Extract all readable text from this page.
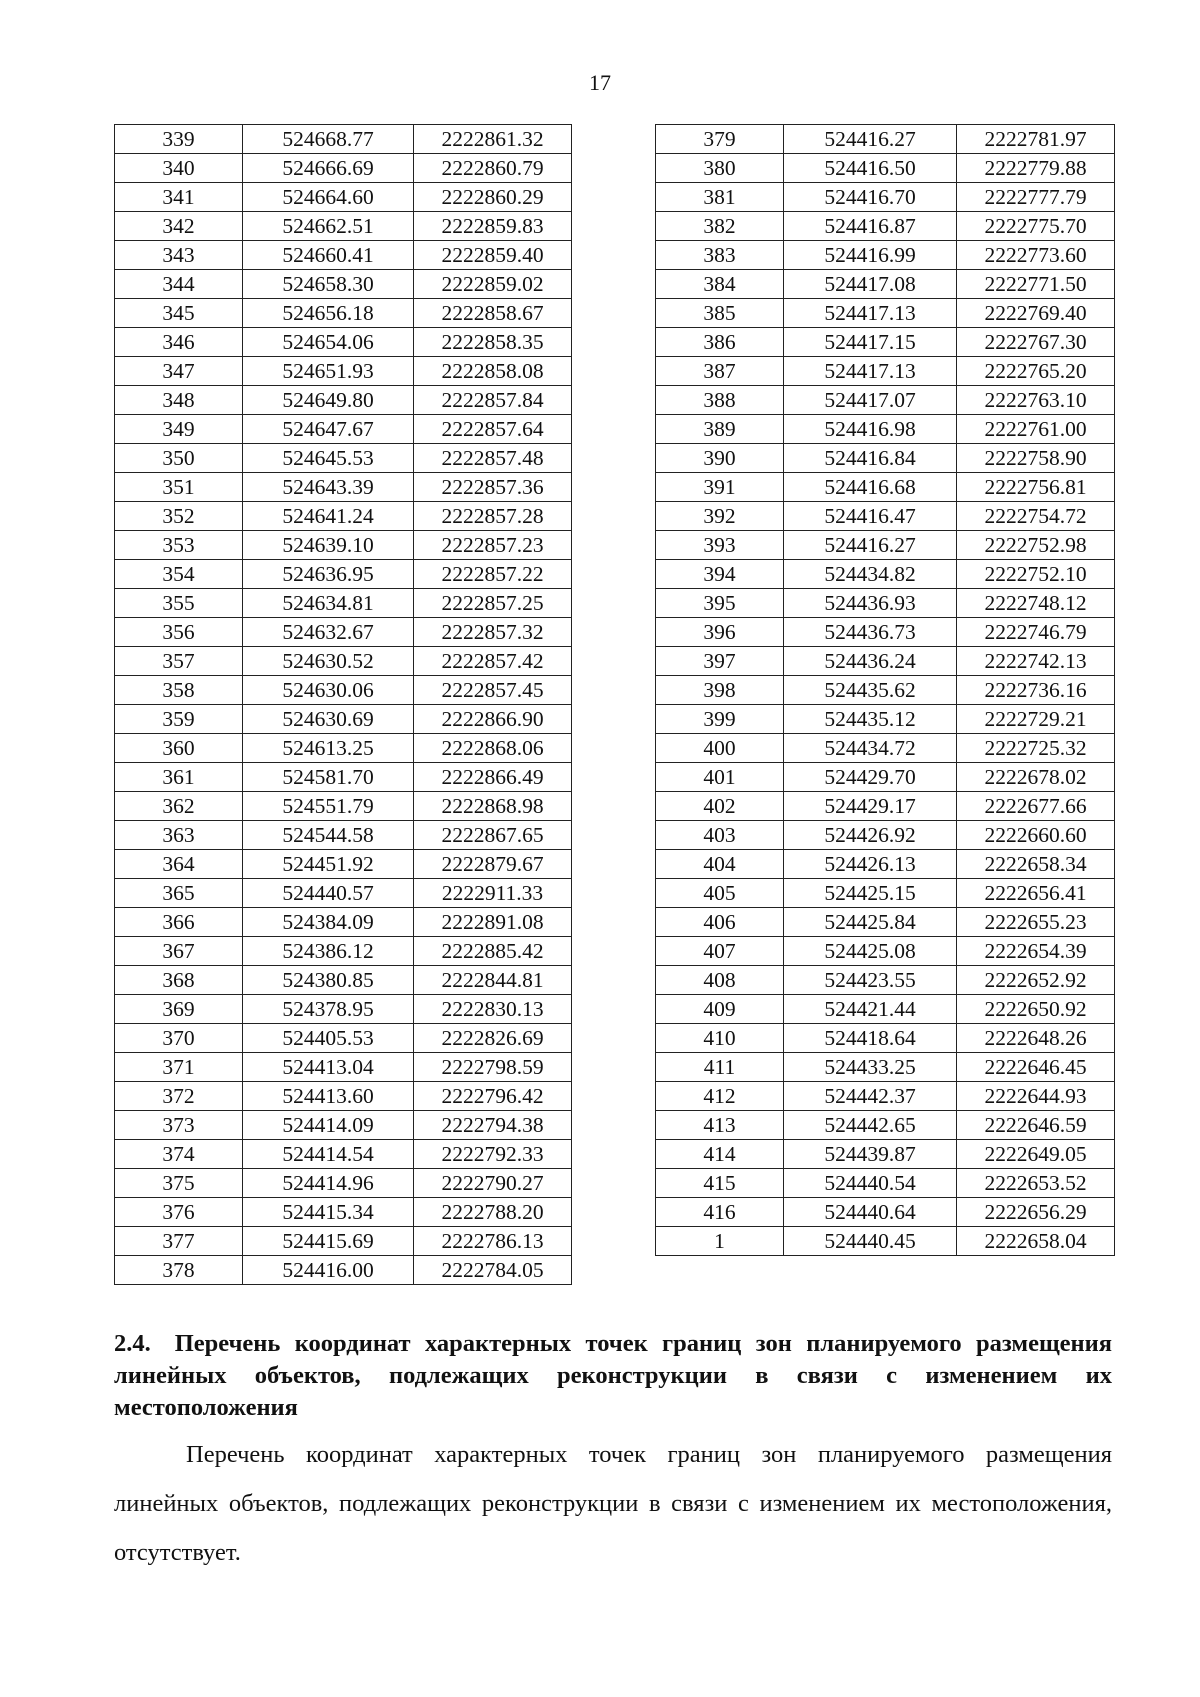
17
339	524668.77	2222861.32
340	524666.69	2222860.79
341	524664.60	2222860.29
342	524662.51	2222859.83
343	524660.41	2222859.40
344	524658.30	2222859.02
345	524656.18	2222858.67
346	524654.06	2222858.35
347	524651.93	2222858.08
348	524649.80	2222857.84
349	524647.67	2222857.64
350	524645.53	2222857.48
351	524643.39	2222857.36
352	524641.24	2222857.28
353	524639.10	2222857.23
354	524636.95	2222857.22
355	524634.81	2222857.25
356	524632.67	2222857.32
357	524630.52	2222857.42
358	524630.06	2222857.45
359	524630.69	2222866.90
360	524613.25	2222868.06
361	524581.70	2222866.49
362	524551.79	2222868.98
363	524544.58	2222867.65
364	524451.92	2222879.67
365	524440.57	2222911.33
366	524384.09	2222891.08
367	524386.12	2222885.42
368	524380.85	2222844.81
369	524378.95	2222830.13
370	524405.53	2222826.69
371	524413.04	2222798.59
372	524413.60	2222796.42
373	524414.09	2222794.38
374	524414.54	2222792.33
375	524414.96	2222790.27
376	524415.34	2222788.20
377	524415.69	2222786.13
378	524416.00	2222784.05
379	524416.27	2222781.97
380	524416.50	2222779.88
381	524416.70	2222777.79
382	524416.87	2222775.70
383	524416.99	2222773.60
384	524417.08	2222771.50
385	524417.13	2222769.40
386	524417.15	2222767.30
387	524417.13	2222765.20
388	524417.07	2222763.10
389	524416.98	2222761.00
390	524416.84	2222758.90
391	524416.68	2222756.81
392	524416.47	2222754.72
393	524416.27	2222752.98
394	524434.82	2222752.10
395	524436.93	2222748.12
396	524436.73	2222746.79
397	524436.24	2222742.13
398	524435.62	2222736.16
399	524435.12	2222729.21
400	524434.72	2222725.32
401	524429.70	2222678.02
402	524429.17	2222677.66
403	524426.92	2222660.60
404	524426.13	2222658.34
405	524425.15	2222656.41
406	524425.84	2222655.23
407	524425.08	2222654.39
408	524423.55	2222652.92
409	524421.44	2222650.92
410	524418.64	2222648.26
411	524433.25	2222646.45
412	524442.37	2222644.93
413	524442.65	2222646.59
414	524439.87	2222649.05
415	524440.54	2222653.52
416	524440.64	2222656.29
1	524440.45	2222658.04

2.4. Перечень координат характерных точек границ зон планируемого размещения линейных объектов, подлежащих реконструкции в связи с изменением их местоположения

Перечень координат характерных точек границ зон планируемого размещения линейных объектов, подлежащих реконструкции в связи с изменением их местоположения, отсутствует.
